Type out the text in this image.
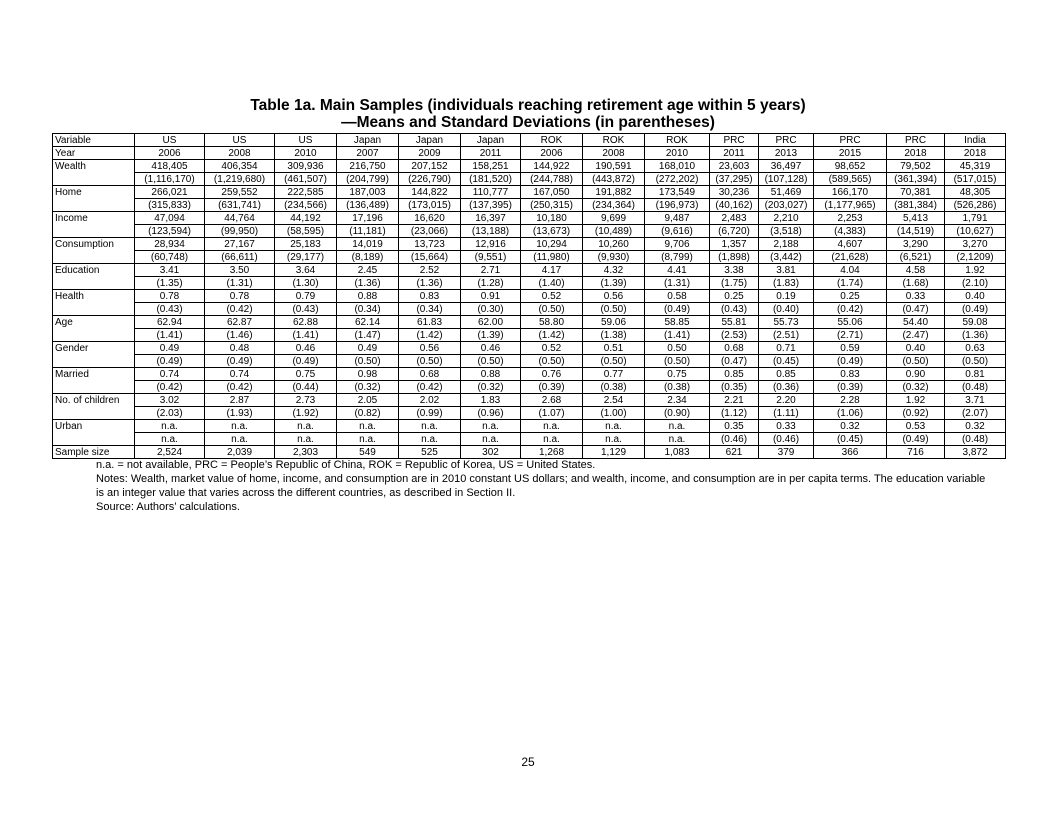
Table 1a. Main Samples (individuals reaching retirement age within 5 years)
—Means and Standard Deviations (in parentheses)
Variable	US	US	US	Japan	Japan	Japan	ROK	ROK	ROK	PRC	PRC	PRC	PRC	India
Year	2006	2008	2010	2007	2009	2011	2006	2008	2010	2011	2013	2015	2018	2018
Wealth	418,405	406,354	309,936	216,750	207,152	158,251	144,922	190,591	168,010	23,603	36,497	98,652	79,502	45,319
	(1,116,170)	(1,219,680)	(461,507)	(204,799)	(226,790)	(181,520)	(244,788)	(443,872)	(272,202)	(37,295)	(107,128)	(589,565)	(361,394)	(517,015)
Home	266,021	259,552	222,585	187,003	144,822	110,777	167,050	191,882	173,549	30,236	51,469	166,170	70,381	48,305
	(315,833)	(631,741)	(234,566)	(136,489)	(173,015)	(137,395)	(250,315)	(234,364)	(196,973)	(40,162)	(203,027)	(1,177,965)	(381,384)	(526,286)
Income	47,094	44,764	44,192	17,196	16,620	16,397	10,180	9,699	9,487	2,483	2,210	2,253	5,413	1,791
	(123,594)	(99,950)	(58,595)	(11,181)	(23,066)	(13,188)	(13,673)	(10,489)	(9,616)	(6,720)	(3,518)	(4,383)	(14,519)	(10,627)
Consumption	28,934	27,167	25,183	14,019	13,723	12,916	10,294	10,260	9,706	1,357	2,188	4,607	3,290	3,270
	(60,748)	(66,611)	(29,177)	(8,189)	(15,664)	(9,551)	(11,980)	(9,930)	(8,799)	(1,898)	(3,442)	(21,628)	(6,521)	(2,1209)
Education	3.41	3.50	3.64	2.45	2.52	2.71	4.17	4.32	4.41	3.38	3.81	4.04	4.58	1.92
	(1.35)	(1.31)	(1.30)	(1.36)	(1.36)	(1.28)	(1.40)	(1.39)	(1.31)	(1.75)	(1.83)	(1.74)	(1.68)	(2.10)
Health	0.78	0.78	0.79	0.88	0.83	0.91	0.52	0.56	0.58	0.25	0.19	0.25	0.33	0.40
	(0.43)	(0.42)	(0.43)	(0.34)	(0.34)	(0.30)	(0.50)	(0.50)	(0.49)	(0.43)	(0.40)	(0.42)	(0.47)	(0.49)
Age	62.94	62.87	62.88	62.14	61.83	62.00	58.80	59.06	58.85	55.81	55.73	55.06	54.40	59.08
	(1.41)	(1.46)	(1.41)	(1.47)	(1.42)	(1.39)	(1.42)	(1.38)	(1.41)	(2.53)	(2.51)	(2.71)	(2.47)	(1.36)
Gender	0.49	0.48	0.46	0.49	0.56	0.46	0.52	0.51	0.50	0.68	0.71	0.59	0.40	0.63
	(0.49)	(0.49)	(0.49)	(0.50)	(0.50)	(0.50)	(0.50)	(0.50)	(0.50)	(0.47)	(0.45)	(0.49)	(0.50)	(0.50)
Married	0.74	0.74	0.75	0.98	0.68	0.88	0.76	0.77	0.75	0.85	0.85	0.83	0.90	0.81
	(0.42)	(0.42)	(0.44)	(0.32)	(0.42)	(0.32)	(0.39)	(0.38)	(0.38)	(0.35)	(0.36)	(0.39)	(0.32)	(0.48)
No. of children	3.02	2.87	2.73	2.05	2.02	1.83	2.68	2.54	2.34	2.21	2.20	2.28	1.92	3.71
	(2.03)	(1.93)	(1.92)	(0.82)	(0.99)	(0.96)	(1.07)	(1.00)	(0.90)	(1.12)	(1.11)	(1.06)	(0.92)	(2.07)
Urban	n.a.	n.a.	n.a.	n.a.	n.a.	n.a.	n.a.	n.a.	n.a.	0.35	0.33	0.32	0.53	0.32
	n.a.	n.a.	n.a.	n.a.	n.a.	n.a.	n.a.	n.a.	n.a.	(0.46)	(0.46)	(0.45)	(0.49)	(0.48)
Sample size	2,524	2,039	2,303	549	525	302	1,268	1,129	1,083	621	379	366	716	3,872
n.a. = not available, PRC = People’s Republic of China, ROK = Republic of Korea, US = United States.
Notes: Wealth, market value of home, income, and consumption are in 2010 constant US dollars; and wealth, income, and consumption are in per capita terms. The education variable is an integer value that varies across the different countries, as described in Section II.
Source: Authors’ calculations.
25
